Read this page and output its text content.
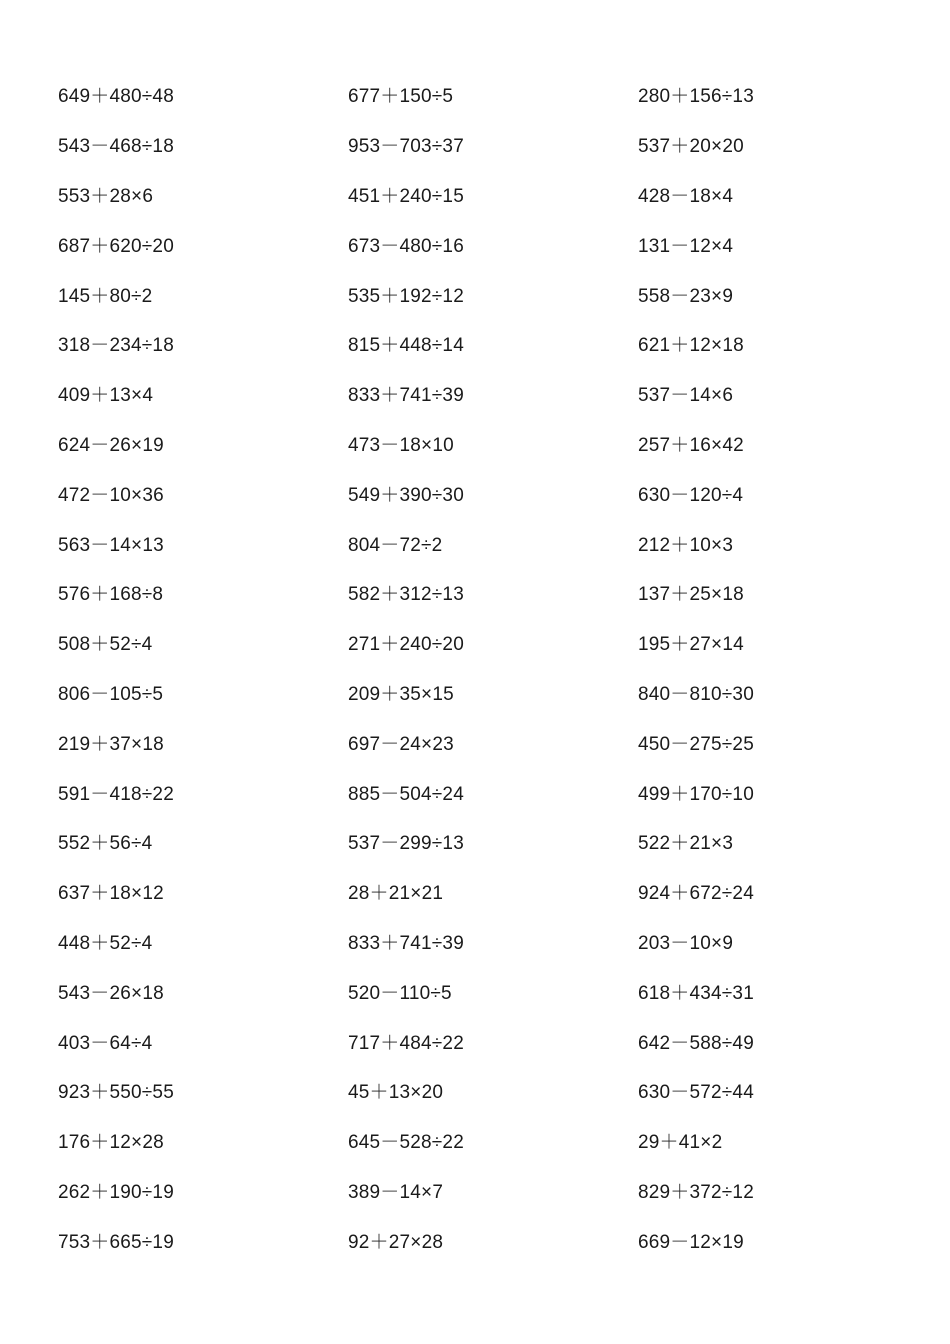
649＋480÷48	677＋150÷5	280＋156÷13
543－468÷18	953－703÷37	537＋20×20
553＋28×6	451＋240÷15	428－18×4
687＋620÷20	673－480÷16	131－12×4
145＋80÷2	535＋192÷12	558－23×9
318－234÷18	815＋448÷14	621＋12×18
409＋13×4	833＋741÷39	537－14×6
624－26×19	473－18×10	257＋16×42
472－10×36	549＋390÷30	630－120÷4
563－14×13	804－72÷2	212＋10×3
576＋168÷8	582＋312÷13	137＋25×18
508＋52÷4	271＋240÷20	195＋27×14
806－105÷5	209＋35×15	840－810÷30
219＋37×18	697－24×23	450－275÷25
591－418÷22	885－504÷24	499＋170÷10
552＋56÷4	537－299÷13	522＋21×3
637＋18×12	28＋21×21	924＋672÷24
448＋52÷4	833＋741÷39	203－10×9
543－26×18	520－110÷5	618＋434÷31
403－64÷4	717＋484÷22	642－588÷49
923＋550÷55	45＋13×20	630－572÷44
176＋12×28	645－528÷22	29＋41×2
262＋190÷19	389－14×7	829＋372÷12
753＋665÷19	92＋27×28	669－12×19
